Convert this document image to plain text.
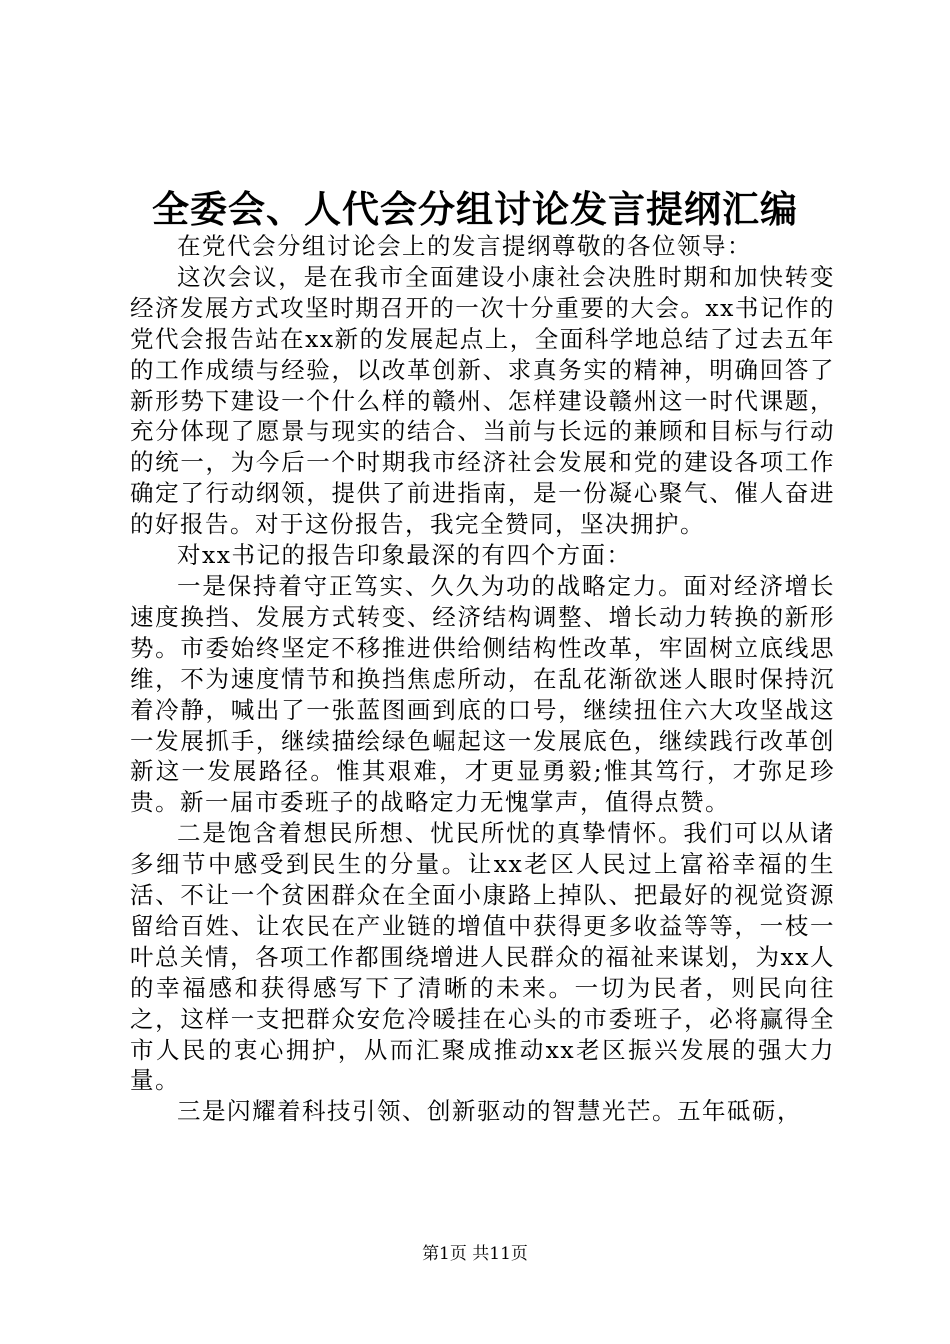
全委会、人代会分组讨论发言提纲汇编

在党代会分组讨论会上的发言提纲尊敬的各位领导：

这次会议，是在我市全面建设小康社会决胜时期和加快转变经济发展方式攻坚时期召开的一次十分重要的大会。xx书记作的党代会报告站在xx新的发展起点上，全面科学地总结了过去五年的工作成绩与经验，以改革创新、求真务实的精神，明确回答了新形势下建设一个什么样的赣州、怎样建设赣州这一时代课题，充分体现了愿景与现实的结合、当前与长远的兼顾和目标与行动的统一，为今后一个时期我市经济社会发展和党的建设各项工作确定了行动纲领，提供了前进指南，是一份凝心聚气、催人奋进的好报告。对于这份报告，我完全赞同，坚决拥护。

对xx书记的报告印象最深的有四个方面：

一是保持着守正笃实、久久为功的战略定力。面对经济增长速度换挡、发展方式转变、经济结构调整、增长动力转换的新形势。市委始终坚定不移推进供给侧结构性改革，牢固树立底线思维，不为速度情节和换挡焦虑所动，在乱花渐欲迷人眼时保持沉着冷静，喊出了一张蓝图画到底的口号，继续扭住六大攻坚战这一发展抓手，继续描绘绿色崛起这一发展底色，继续践行改革创新这一发展路径。惟其艰难，才更显勇毅;惟其笃行，才弥足珍贵。新一届市委班子的战略定力无愧掌声，值得点赞。

二是饱含着想民所想、忧民所忧的真挚情怀。我们可以从诸多细节中感受到民生的分量。让xx老区人民过上富裕幸福的生活、不让一个贫困群众在全面小康路上掉队、把最好的视觉资源留给百姓、让农民在产业链的增值中获得更多收益等等，一枝一叶总关情，各项工作都围绕增进人民群众的福祉来谋划，为xx人的幸福感和获得感写下了清晰的未来。一切为民者，则民向往之，这样一支把群众安危冷暖挂在心头的市委班子，必将赢得全市人民的衷心拥护，从而汇聚成推动xx老区振兴发展的强大力量。

三是闪耀着科技引领、创新驱动的智慧光芒。五年砥砺，

第1页 共11页
